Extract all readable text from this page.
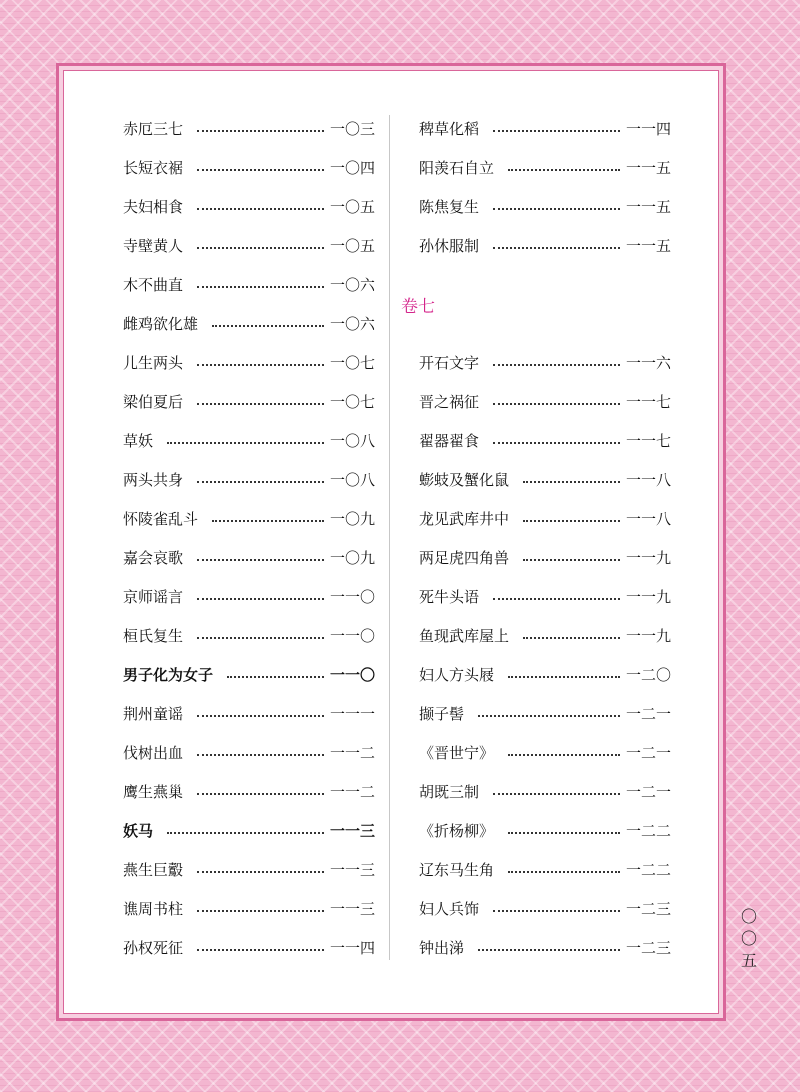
赤厄三七	一〇三
长短衣裾	一〇四
夫妇相食	一〇五
寺壁黄人	一〇五
木不曲直	一〇六
雌鸡欲化雄	一〇六
儿生两头	一〇七
梁伯夏后	一〇七
草妖	一〇八
两头共身	一〇八
怀陵雀乱斗	一〇九
嘉会哀歌	一〇九
京师谣言	一一〇
桓氏复生	一一〇
男子化为女子	一一〇
荆州童谣	一一一
伐树出血	一一二
鹰生燕巢	一一二
妖马	一一三
燕生巨鷇	一一三
谯周书柱	一一三
孙权死征	一一四
稗草化稻	一一四
阳羡石自立	一一五
陈焦复生	一一五
孙休服制	一一五
卷七
开石文字	一一六
晋之祸征	一一七
翟器翟食	一一七
蟛蚑及蟹化鼠	一一八
龙见武库井中	一一八
两足虎四角兽	一一九
死牛头语	一一九
鱼现武库屋上	一一九
妇人方头屐	一二〇
撷子髻	一二一
《晋世宁》	一二一
胡既三制	一二一
《折杨柳》	一二二
辽东马生角	一二二
妇人兵饰	一二三
钟出涕	一二三
〇
〇
五
